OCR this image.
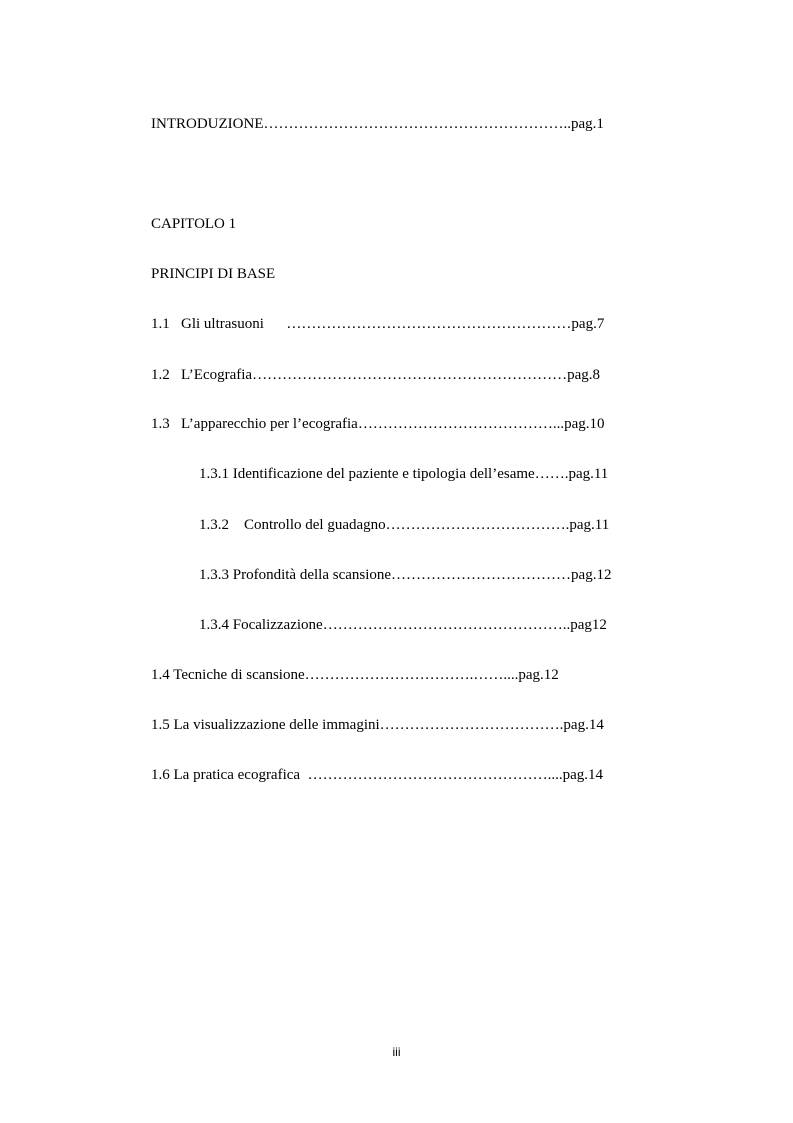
INTRODUZIONE……………………………………………………..pag.1
CAPITOLO 1
PRINCIPI DI BASE
1.1   Gli ultrasuoni      …………………………………………………pag.7
1.2   L’Ecografia………………………………………………………pag.8
1.3   L’apparecchio per l’ecografia…………………………………...pag.10
1.3.1 Identificazione del paziente e tipologia dell’esame…….pag.11
1.3.2    Controllo del guadagno……………………………….pag.11
1.3.3 Profondità della scansione………………………………pag.12
1.3.4 Focalizzazione…………………………………………..pag12
1.4 Tecniche di scansione…………………………….……....pag.12
1.5 La visualizzazione delle immagini……………………………….pag.14
1.6 La pratica ecografica  …………………………………………....pag.14
iii
